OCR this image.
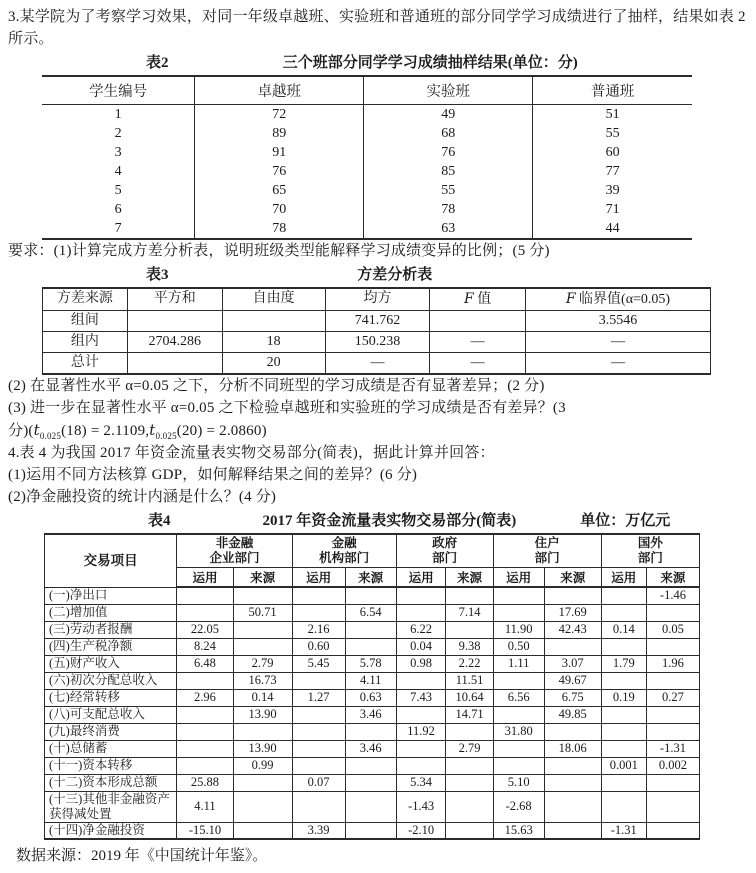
3.某学院为了考察学习效果，对同一年级卓越班、实验班和普通班的部分同学学习成绩进行了抽样，结果如表 2 所示。

表2	三个班部分同学学习成绩抽样结果(单位：分)
学生编号	卓越班	实验班	普通班
1	72	49	51
2	89	68	55
3	91	76	60
4	76	85	77
5	65	55	39
6	70	78	71
7	78	63	44

要求：(1)计算完成方差分析表，说明班级类型能解释学习成绩变异的比例；(5 分)

表3	方差分析表
方差来源	平方和	自由度	均方	F 值	F 临界值(α=0.05)
组间			741.762		3.5546
组内	2704.286	18	150.238	—	—
总计		20	—	—	—

(2) 在显著性水平 α=0.05 之下，分析不同班型的学习成绩是否有显著差异；(2 分)

(3) 进一步在显著性水平 α=0.05 之下检验卓越班和实验班的学习成绩是否有差异？(3

分)$(t_{0.025}(18) = 2.1109,t_{0.025}(20) = 2.0860)$

4.表 4 为我国 2017 年资金流量表实物交易部分(简表)，据此计算并回答：

(1)运用不同方法核算 GDP，如何解释结果之间的差异？(6 分)

(2)净金融投资的统计内涵是什么？(4 分)

表4	2017 年资金流量表实物交易部分(简表)	单位：万亿元
交易项目	
非金融
企业部门

金融
机构部门

政府
部门

住户
部门

国外
部门

	运用	来源	运用	来源	运用	来源	运用	来源	运用	来源
(一)净出口										-1.46
(二)增加值		50.71		6.54		7.14		17.69		
(三)劳动者报酬	22.05		2.16		6.22		11.90	42.43	0.14	0.05
(四)生产税净额	8.24		0.60		0.04	9.38	0.50			
(五)财产收入	6.48	2.79	5.45	5.78	0.98	2.22	1.11	3.07	1.79	1.96
(六)初次分配总收入		16.73		4.11		11.51		49.67		
(七)经常转移	2.96	0.14	1.27	0.63	7.43	10.64	6.56	6.75	0.19	0.27
(八)可支配总收入		13.90		3.46		14.71		49.85		
(九)最终消费					11.92		31.80			
(十)总储蓄		13.90		3.46		2.79		18.06		-1.31
(十一)资本转移		0.99							0.001	0.002
(十二)资本形成总额	25.88		0.07		5.34		5.10			
(十三)其他非金融资产获得减处置	4.11				-1.43		-2.68			
(十四)净金融投资	-15.10		3.39		-2.10		15.63		-1.31	

数据来源：2019 年《中国统计年鉴》。
